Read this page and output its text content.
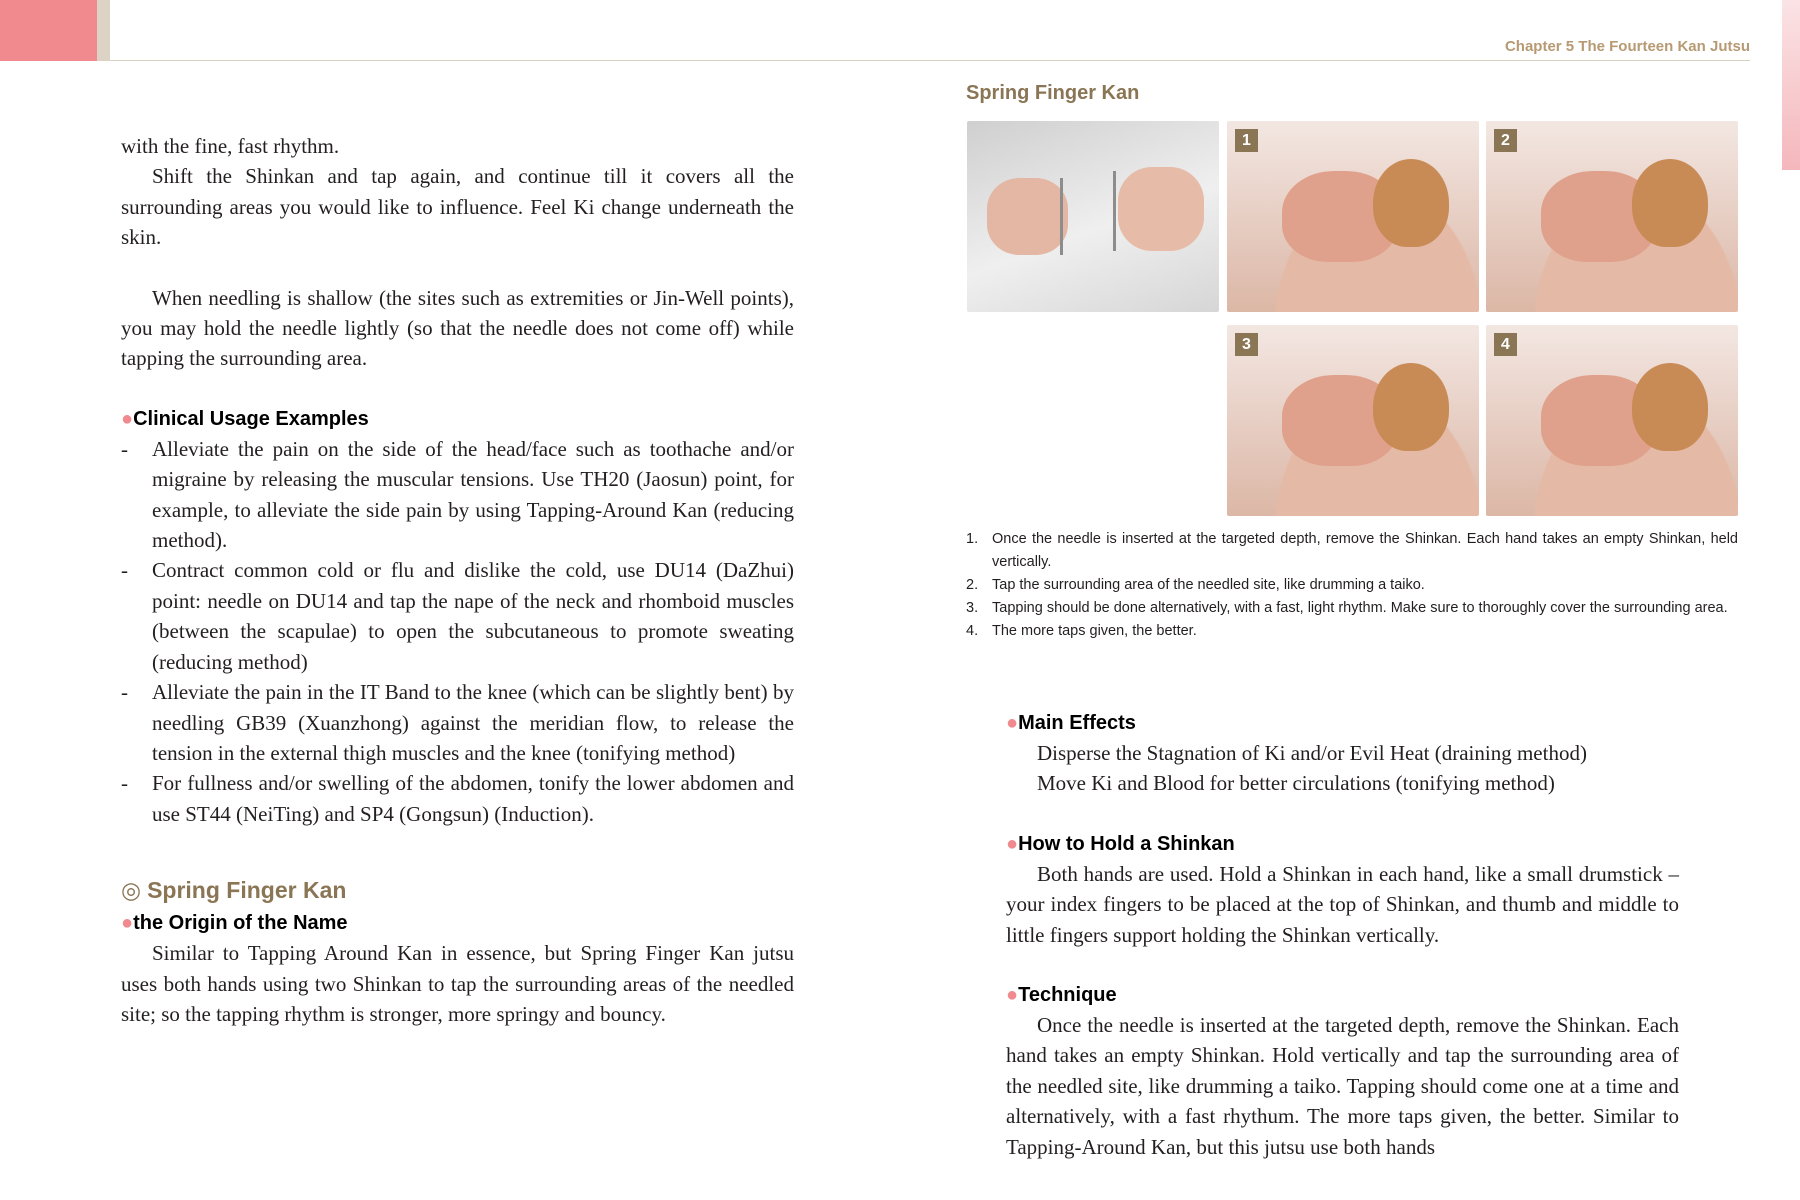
Chapter 5 The Fourteen Kan Jutsu

with the fine, fast rhythm.

Shift the Shinkan and tap again, and continue till it covers all the surrounding areas you would like to influence. Feel Ki change underneath the skin.

When needling is shallow (the sites such as extremities or Jin-Well points), you may hold the needle lightly (so that the needle does not come off) while tapping the surrounding area.

●Clinical Usage Examples
-	Alleviate the pain on the side of the head/face such as toothache and/or migraine by releasing the muscular tensions. Use TH20 (Jaosun) point, for example, to alleviate the side pain by using Tapping-Around Kan (reducing method).
-	Contract common cold or flu and dislike the cold, use DU14 (DaZhui) point: needle on DU14 and tap the nape of the neck and rhomboid muscles (between the scapulae) to open the subcutaneous to promote sweating (reducing method)
-	Alleviate the pain in the IT Band to the knee (which can be slightly bent) by needling GB39 (Xuanzhong) against the meridian flow, to release the tension in the external thigh muscles and the knee (tonifying method)
-	For fullness and/or swelling of the abdomen, tonify the lower abdomen and use ST44 (NeiTing) and SP4 (Gongsun) (Induction).
◎ Spring Finger Kan
●the Origin of the Name

Similar to Tapping Around Kan in essence, but Spring Finger Kan jutsu uses both hands using two Shinkan to tap the surrounding areas of the needled site; so the tapping rhythm is stronger, more springy and bouncy.

Spring Finger Kan
1	2
3	4
1. Once the needle is inserted at the targeted depth, remove the Shinkan. Each hand takes an empty Shinkan, held vertically.
2. Tap the surrounding area of the needled site, like drumming a taiko.
3. Tapping should be done alternatively, with a fast, light rhythm. Make sure to thoroughly cover the surrounding area.
4. The more taps given, the better.
●Main Effects

Disperse the Stagnation of Ki and/or Evil Heat (draining method)

Move Ki and Blood for better circulations (tonifying method)

●How to Hold a Shinkan

Both hands are used. Hold a Shinkan in each hand, like a small drumstick – your index fingers to be placed at the top of Shinkan, and thumb and middle to little fingers support holding the Shinkan vertically.

●Technique

Once the needle is inserted at the targeted depth, remove the Shinkan. Each hand takes an empty Shinkan. Hold vertically and tap the surrounding area of the needled site, like drumming a taiko. Tapping should come one at a time and alternatively, with a fast rhythum. The more taps given, the better. Similar to Tapping-Around Kan, but this jutsu use both hands
